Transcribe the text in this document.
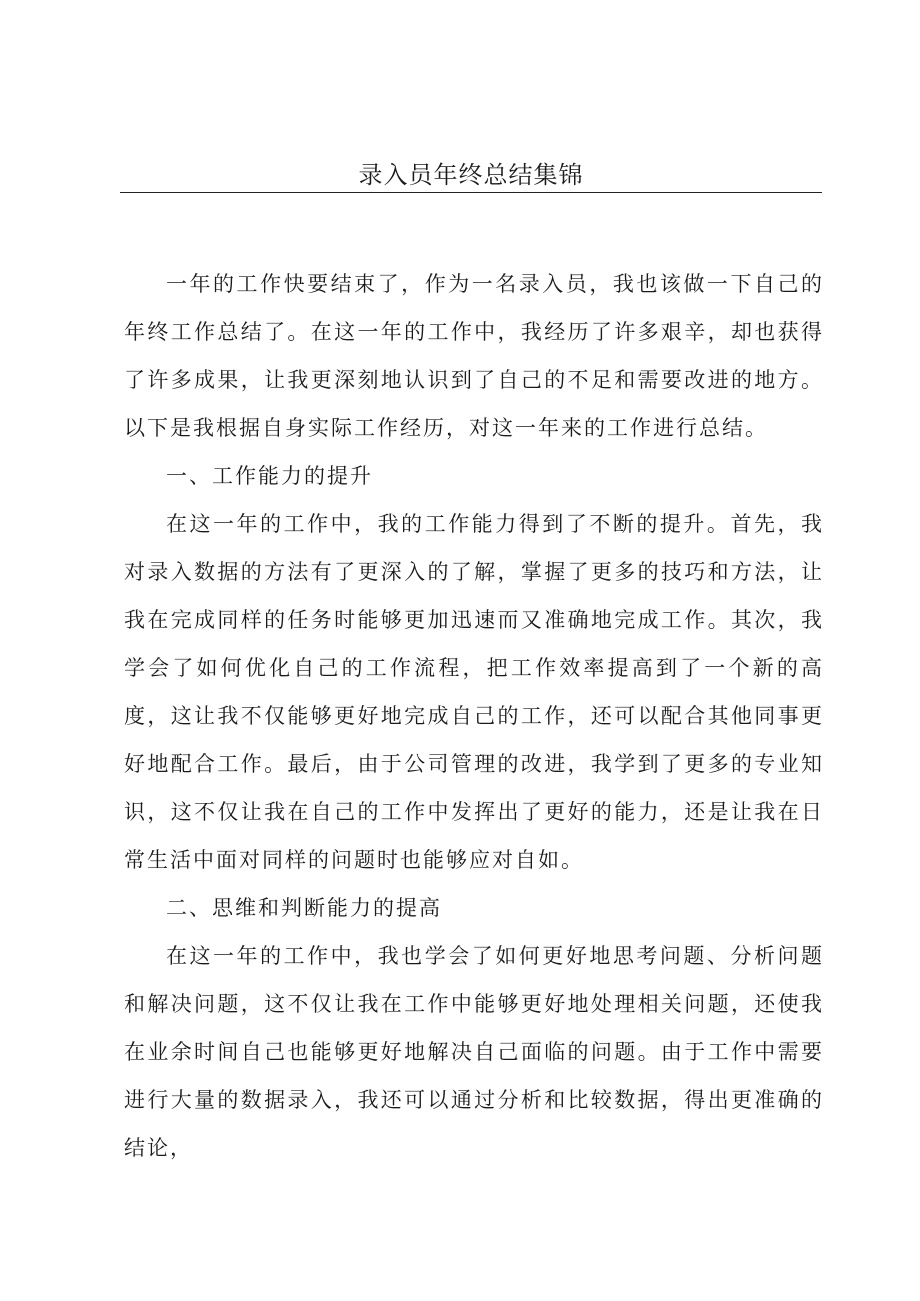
录入员年终总结集锦

一年的工作快要结束了，作为一名录入员，我也该做一下自己的年终工作总结了。在这一年的工作中，我经历了许多艰辛，却也获得了许多成果，让我更深刻地认识到了自己的不足和需要改进的地方。以下是我根据自身实际工作经历，对这一年来的工作进行总结。

一、工作能力的提升

在这一年的工作中，我的工作能力得到了不断的提升。首先，我对录入数据的方法有了更深入的了解，掌握了更多的技巧和方法，让我在完成同样的任务时能够更加迅速而又准确地完成工作。其次，我学会了如何优化自己的工作流程，把工作效率提高到了一个新的高度，这让我不仅能够更好地完成自己的工作，还可以配合其他同事更好地配合工作。最后，由于公司管理的改进，我学到了更多的专业知识，这不仅让我在自己的工作中发挥出了更好的能力，还是让我在日常生活中面对同样的问题时也能够应对自如。

二、思维和判断能力的提高

在这一年的工作中，我也学会了如何更好地思考问题、分析问题和解决问题，这不仅让我在工作中能够更好地处理相关问题，还使我在业余时间自己也能够更好地解决自己面临的问题。由于工作中需要进行大量的数据录入，我还可以通过分析和比较数据，得出更准确的结论，
